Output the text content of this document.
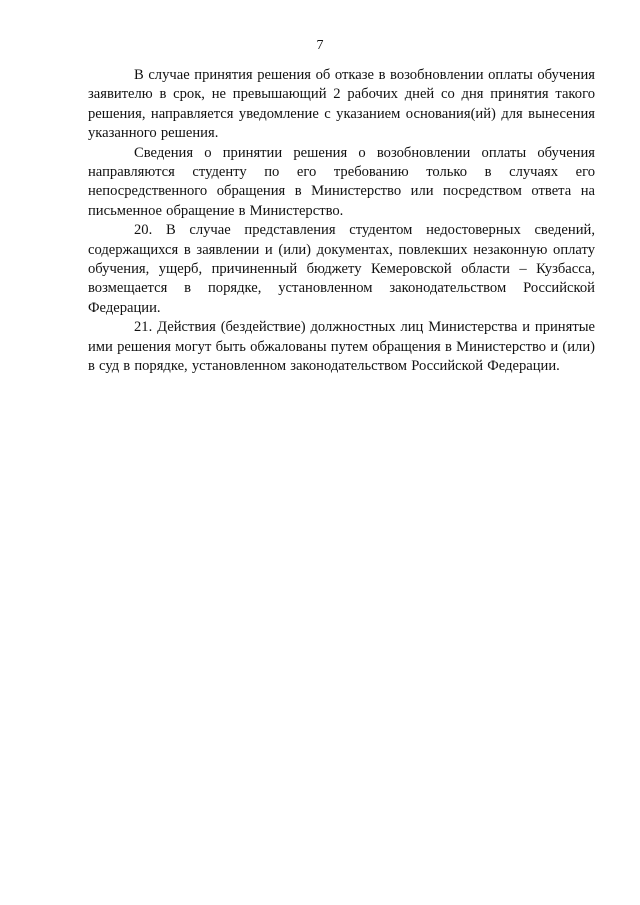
7

В случае принятия решения об отказе в возобновлении оплаты обучения заявителю в срок, не превышающий 2 рабочих дней со дня принятия такого решения, направляется уведомление с указанием основания(ий) для вынесения указанного решения.

Сведения о принятии решения о возобновлении оплаты обучения направляются студенту по его требованию только в случаях его непосредственного обращения в Министерство или посредством ответа на письменное обращение в Министерство.

20. В случае представления студентом недостоверных сведений, содержащихся в заявлении и (или) документах, повлекших незаконную оплату обучения, ущерб, причиненный бюджету Кемеровской области – Кузбасса, возмещается в порядке, установленном законодательством Российской Федерации.

21. Действия (бездействие) должностных лиц Министерства и принятые ими решения могут быть обжалованы путем обращения в Министерство и (или) в суд в порядке, установленном законодательством Российской Федерации.
